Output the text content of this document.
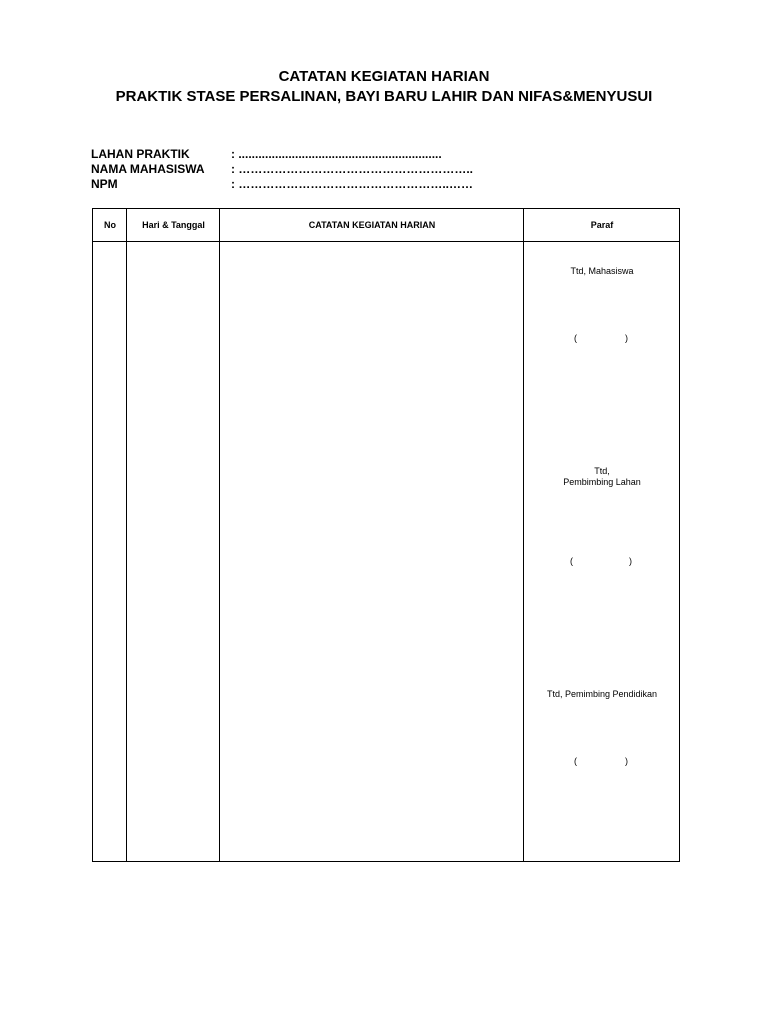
CATATAN KEGIATAN HARIAN
PRAKTIK STASE PERSALINAN, BAYI BARU LAHIR DAN NIFAS&MENYUSUI
LAHAN PRAKTIK	: .............................................................
NAMA MAHASISWA : …………………………………………………..
NPM	: ……………………………………………..……
No	Hari & Tanggal	CATATAN KEGIATAN HARIAN	Paraf
Ttd, Mahasiswa
(	)
Ttd,
Pembimbing Lahan
(	)
Ttd, Pemimbing Pendidikan
(	)
